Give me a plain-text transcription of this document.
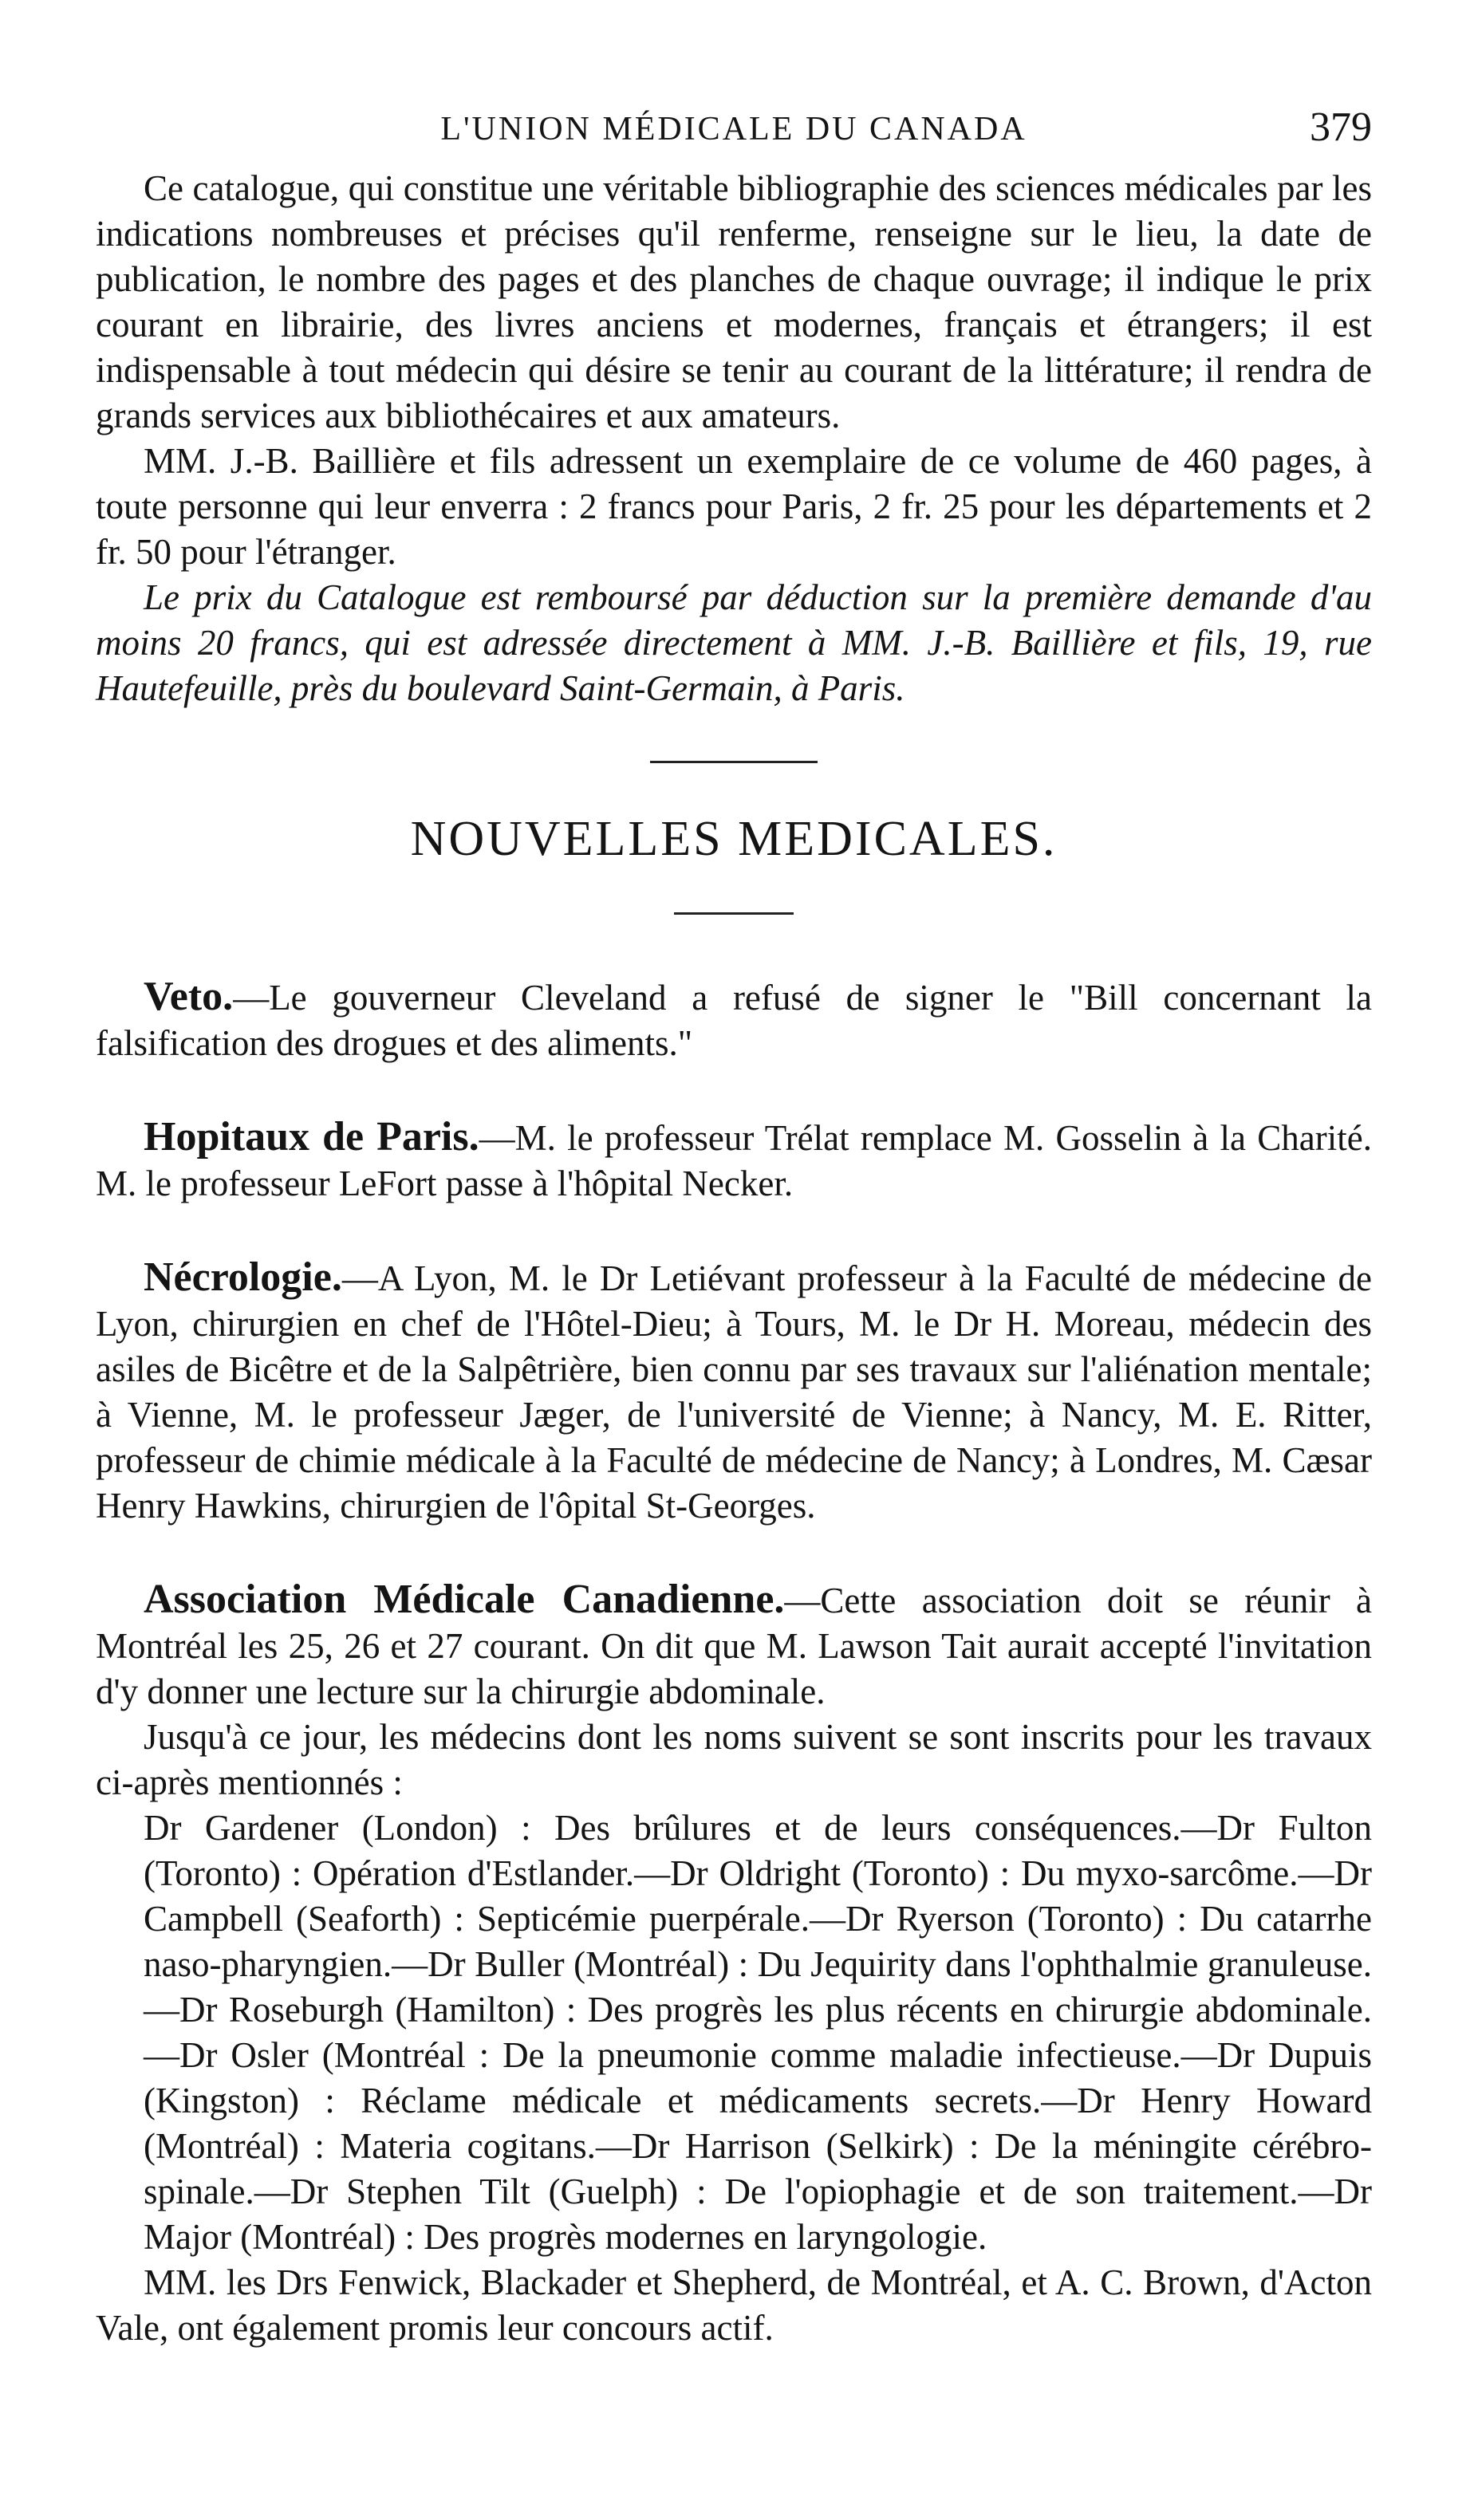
L'UNION MÉDICALE DU CANADA	379

Ce catalogue, qui constitue une véritable bibliographie des sciences médicales par les indications nombreuses et précises qu'il renferme, renseigne sur le lieu, la date de publication, le nombre des pages et des planches de chaque ouvrage; il indique le prix courant en librairie, des livres anciens et modernes, français et étrangers; il est indispensable à tout médecin qui désire se tenir au courant de la littérature; il rendra de grands services aux bibliothécaires et aux amateurs.

MM. J.-B. Baillière et fils adressent un exemplaire de ce volume de 460 pages, à toute personne qui leur enverra : 2 francs pour Paris, 2 fr. 25 pour les départements et 2 fr. 50 pour l'étranger.

Le prix du Catalogue est remboursé par déduction sur la première demande d'au moins 20 francs, qui est adressée directement à MM. J.-B. Baillière et fils, 19, rue Hautefeuille, près du boulevard Saint-Germain, à Paris.

NOUVELLES MEDICALES.

Veto.—Le gouverneur Cleveland a refusé de signer le "Bill concernant la falsification des drogues et des aliments."

Hopitaux de Paris.—M. le professeur Trélat remplace M. Gosselin à la Charité. M. le professeur LeFort passe à l'hôpital Necker.

Nécrologie.—A Lyon, M. le Dr Letiévant professeur à la Faculté de médecine de Lyon, chirurgien en chef de l'Hôtel-Dieu; à Tours, M. le Dr H. Moreau, médecin des asiles de Bicêtre et de la Salpêtrière, bien connu par ses travaux sur l'aliénation mentale; à Vienne, M. le professeur Jæger, de l'université de Vienne; à Nancy, M. E. Ritter, professeur de chimie médicale à la Faculté de médecine de Nancy; à Londres, M. Cæsar Henry Hawkins, chirurgien de l'ôpital St-Georges.

Association Médicale Canadienne.—Cette association doit se réunir à Montréal les 25, 26 et 27 courant. On dit que M. Lawson Tait aurait accepté l'invitation d'y donner une lecture sur la chirurgie abdominale.

Jusqu'à ce jour, les médecins dont les noms suivent se sont inscrits pour les travaux ci-après mentionnés :

Dr Gardener (London) : Des brûlures et de leurs conséquences.—Dr Fulton (Toronto) : Opération d'Estlander.—Dr Oldright (Toronto) : Du myxo-sarcôme.—Dr Campbell (Seaforth) : Septicémie puerpérale.—Dr Ryerson (Toronto) : Du catarrhe naso-pharyngien.—Dr Buller (Montréal) : Du Jequirity dans l'ophthalmie granuleuse.—Dr Roseburgh (Hamilton) : Des progrès les plus récents en chirurgie abdominale.—Dr Osler (Montréal : De la pneumonie comme maladie infectieuse.—Dr Dupuis (Kingston) : Réclame médicale et médicaments secrets.—Dr Henry Howard (Montréal) : Materia cogitans.—Dr Harrison (Selkirk) : De la méningite cérébro-spinale.—Dr Stephen Tilt (Guelph) : De l'opiophagie et de son traitement.—Dr Major (Montréal) : Des progrès modernes en laryngologie.

MM. les Drs Fenwick, Blackader et Shepherd, de Montréal, et A. C. Brown, d'Acton Vale, ont également promis leur concours actif.
